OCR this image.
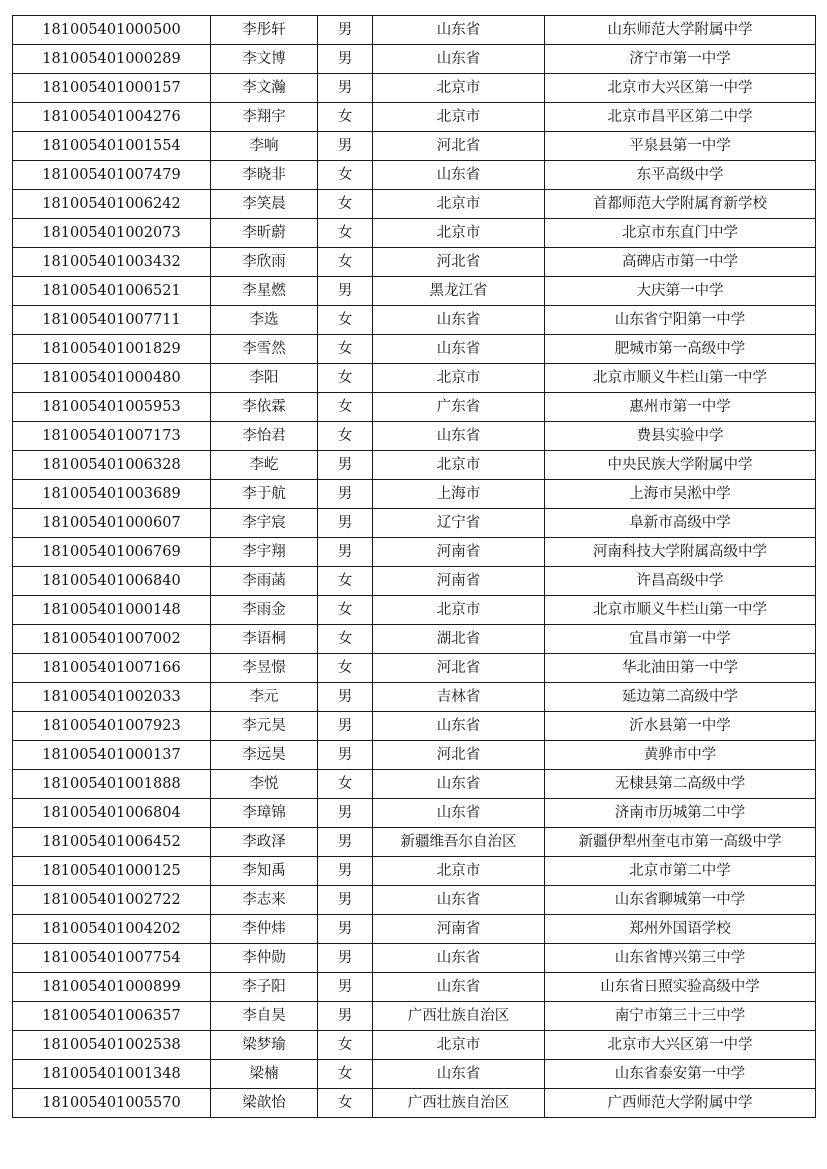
181005401000500	李彤轩	男	山东省	山东师范大学附属中学
181005401000289	李文博	男	山东省	济宁市第一中学
181005401000157	李文瀚	男	北京市	北京市大兴区第一中学
181005401004276	李翔宇	女	北京市	北京市昌平区第二中学
181005401001554	李响	男	河北省	平泉县第一中学
181005401007479	李晓非	女	山东省	东平高级中学
181005401006242	李笑晨	女	北京市	首都师范大学附属育新学校
181005401002073	李昕蔚	女	北京市	北京市东直门中学
181005401003432	李欣雨	女	河北省	高碑店市第一中学
181005401006521	李星燃	男	黑龙江省	大庆第一中学
181005401007711	李选	女	山东省	山东省宁阳第一中学
181005401001829	李雪然	女	山东省	肥城市第一高级中学
181005401000480	李阳	女	北京市	北京市顺义牛栏山第一中学
181005401005953	李依霖	女	广东省	惠州市第一中学
181005401007173	李怡君	女	山东省	费县实验中学
181005401006328	李屹	男	北京市	中央民族大学附属中学
181005401003689	李于航	男	上海市	上海市吴淞中学
181005401000607	李宇宸	男	辽宁省	阜新市高级中学
181005401006769	李宇翔	男	河南省	河南科技大学附属高级中学
181005401006840	李雨菡	女	河南省	许昌高级中学
181005401000148	李雨金	女	北京市	北京市顺义牛栏山第一中学
181005401007002	李语桐	女	湖北省	宜昌市第一中学
181005401007166	李昱憬	女	河北省	华北油田第一中学
181005401002033	李元	男	吉林省	延边第二高级中学
181005401007923	李元昊	男	山东省	沂水县第一中学
181005401000137	李远昊	男	河北省	黄骅市中学
181005401001888	李悦	女	山东省	无棣县第二高级中学
181005401006804	李璋锦	男	山东省	济南市历城第二中学
181005401006452	李政泽	男	新疆维吾尔自治区	新疆伊犁州奎屯市第一高级中学
181005401000125	李知禹	男	北京市	北京市第二中学
181005401002722	李志来	男	山东省	山东省聊城第一中学
181005401004202	李仲炜	男	河南省	郑州外国语学校
181005401007754	李仲勋	男	山东省	山东省博兴第三中学
181005401000899	李子阳	男	山东省	山东省日照实验高级中学
181005401006357	李自昊	男	广西壮族自治区	南宁市第三十三中学
181005401002538	梁梦瑜	女	北京市	北京市大兴区第一中学
181005401001348	梁楠	女	山东省	山东省泰安第一中学
181005401005570	梁歆怡	女	广西壮族自治区	广西师范大学附属中学
